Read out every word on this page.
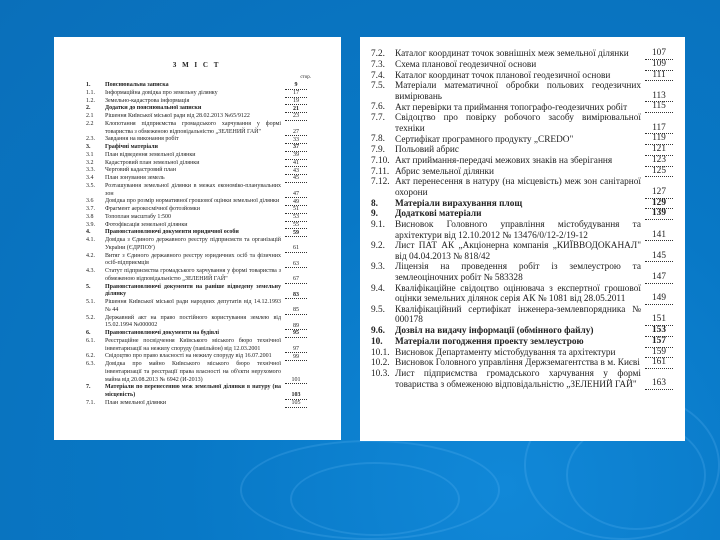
З М І С Т
стор.
1.	Пояснювальна записка	9
1.1.	Інформаційна довідка про земельну ділянку	17
1.2.	Земельно-кадастрова інформація	19
2.	Додатки до пояснювальної записки	21
2.1	Рішення Київської міської ради від 28.02.2013 №65/9122	23
2.2	Клопотання підприємства громадського харчування у формі товариства з обмеженою відповідальністю „ЗЕЛЕНИЙ ГАЙ"	27
2.3.	Завдання на виконання робіт	33
3.	Графічні матеріали	37
3.1	План відведення земельної ділянки	39
3.2	Кадастровий план земельної ділянки	41
3.3.	Черговий кадастровий план	43
3.4	План зонування земель	45
3.5.	Розташування земельної ділянки в межах економіко-планувальних зон	47
3.6	Довідка про розмір нормативної грошової оцінки земельної ділянки	49
3.7.	Фрагмент аерокосмічної фотозйомки	51
3.8	Топоплан масштабу 1:500	53
3.9.	Фотофіксація земельної ділянки	55
4.	Правовстановлюючі документи юридичної особи	59
4.1.	Довідка з Єдиного державного реєстру підприємств та організацій України (ЄДРПОУ)	61
4.2.	Витяг з Єдиного державного реєстру юридичних осіб та фізичних осіб-підприємців	63
4.3.	Статут підприємства громадського харчування у формі товариства з обмеженою відповідальністю „ЗЕЛЕНИЙ ГАЙ"	67
5.	Правовстановлюючі документи на раніше відведену земельну ділянку	83
5.1.	Рішення Київської міської ради народних депутатів від 14.12.1993 № 44	85
5.2.	Державний акт на право постійного користування землею від 15.02.1994 №000002	89
6.	Правовстановлюючі документи на будівлі	95
6.1.	Реєстраційне посвідчення Київського міського бюро технічної інвентаризації на нежилу споруду (павільйон) від 12.03.2001	97
6.2.	Свідоцтво про право власності на нежилу споруду від 16.07.2001	99
6.3.	Довідка про майно Київського міського бюро технічної інвентаризації та реєстрації права власності на об'єкти нерухомого майна від 20.08.2013 № 6942 (И-2013)	101
7.	Матеріали по перенесенню меж земельної ділянки в натуру (на місцевість)	103
7.1.	План земельної ділянки	105
7.2.	Каталог координат точок зовнішніх меж земельної ділянки	107
7.3.	Схема планової геодезичної основи	109
7.4.	Каталог координат точок планової геодезичної основи	111
7.5.	Матеріали математичної обробки польових геодезичних вимірювань	113
7.6.	Акт перевірки та приймання топографо-геодезичних робіт	115
7.7.	Свідоцтво про повірку робочого засобу вимірювальної техніки	117
7.8.	Сертифікат програмного продукту „CREDO"	119
7.9.	Польовий абрис	121
7.10. Акт приймання-передачі межових знаків на зберігання	123
7.11. Абрис земельної ділянки	125
7.12. Акт перенесення в натуру (на місцевість) меж зон санітарної охорони	127
8.	Матеріали вирахування площ	129
9.	Додаткові матеріали	139
9.1.	Висновок Головного управління містобудування та архітектури від 12.10.2012 № 13476/0/12-2/19-12	141
9.2.	Лист ПАТ АК „Акціонерна компанія „КИЇВВОДОКАНАЛ" від 04.04.2013 № 818/42	145
9.3.	Ліцензія на проведення робіт із землеустрою та землеоціночних робіт № 583328	147
9.4.	Кваліфікаційне свідоцтво оцінювача з експертної грошової оцінки земельних ділянок серія АК № 1081 від 28.05.2011	149
9.5.	Кваліфікаційний сертифікат інженера-землевпорядника № 000178	151
9.6.	Дозвіл на видачу інформації (обмінного файлу)	153
10.	Матеріали погодження проекту землеустрою	157
10.1. Висновок Департаменту містобудування та архітектури	159
10.2. Висновок Головного управління Держземагентства в м. Києві	161
10.3. Лист підприємства громадського харчування у формі товариства з обмеженою відповідальністю „ЗЕЛЕНИЙ ГАЙ"	163
